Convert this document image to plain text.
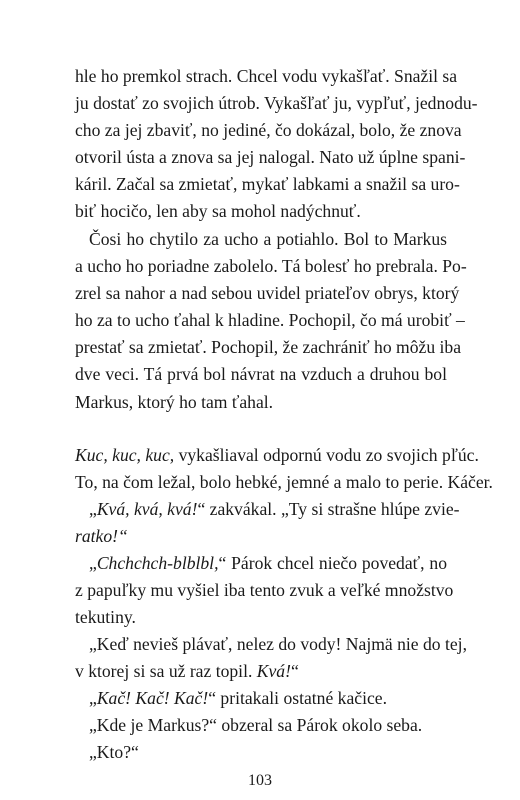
hle ho premkol strach. Chcel vodu vykašľať. Snažil sa
ju dostať zo svojich útrob. Vykašľať ju, vypľuť, jednodu-
cho za jej zbaviť, no jediné, čo dokázal, bolo, že znova
otvoril ústa a znova sa jej nalogal. Nato už úplne spani-
káril. Začal sa zmietať, mykať labkami a snažil sa uro-
biť hocičo, len aby sa mohol nadýchnuť.
Čosi ho chytilo za ucho a potiahlo. Bol to Markus
a ucho ho poriadne zabolelo. Tá bolesť ho prebrala. Po-
zrel sa nahor a nad sebou uvidel priateľov obrys, ktorý
ho za to ucho ťahal k hladine. Pochopil, čo má urobiť –
prestať sa zmietať. Pochopil, že zachrániť ho môžu iba
dve veci. Tá prvá bol návrat na vzduch a druhou bol
Markus, ktorý ho tam ťahal.
Kuc, kuc, kuc, vykašliaval odpornú vodu zo svojich pľúc.
To, na čom ležal, bolo hebké, jemné a malo to perie. Káčer.
„Kvá, kvá, kvá!“ zakvákal. „Ty si strašne hlúpe zvie-
ratko!“
„Chchchch-blblbl,“ Párok chcel niečo povedať, no
z papuľky mu vyšiel iba tento zvuk a veľké množstvo
tekutiny.
„Keď nevieš plávať, nelez do vody! Najmä nie do tej,
v ktorej si sa už raz topil. Kvá!“
„Kač! Kač! Kač!“ pritakali ostatné kačice.
„Kde je Markus?“ obzeral sa Párok okolo seba.
„Kto?“
103
